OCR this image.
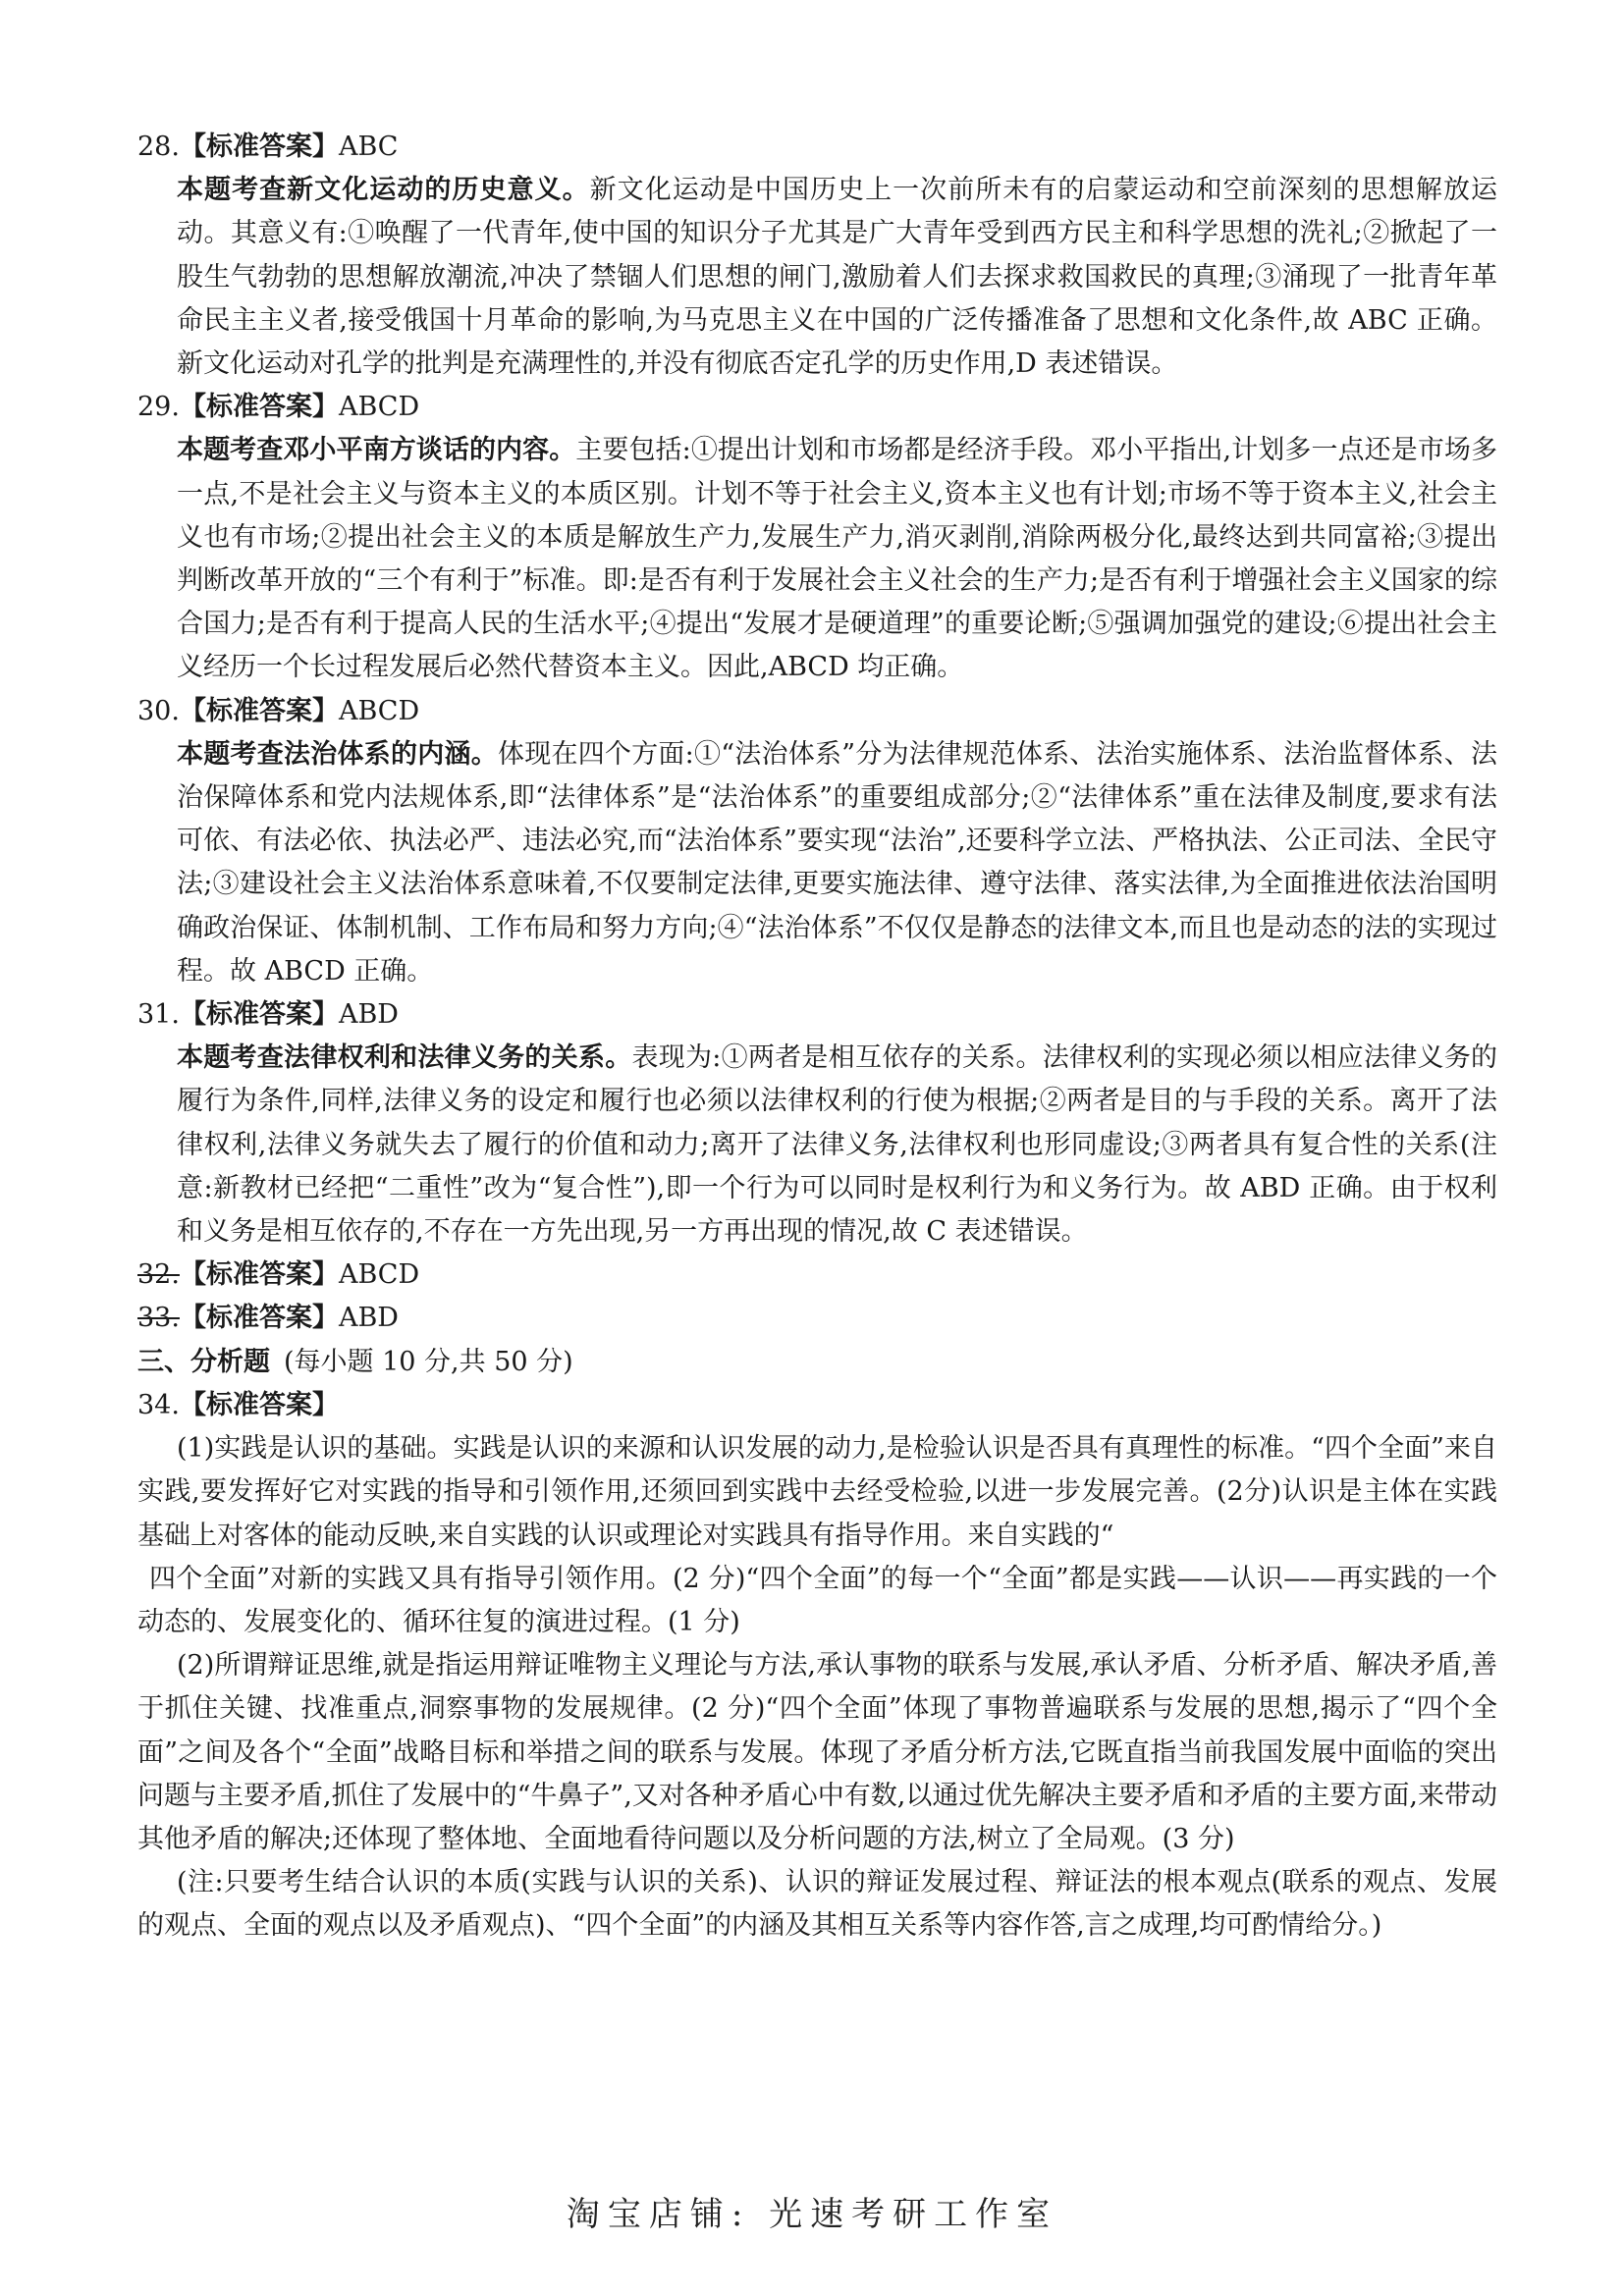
28.【标准答案】ABC

本题考查新文化运动的历史意义。新文化运动是中国历史上一次前所未有的启蒙运动和空前深刻的思想解放运动。其意义有:①唤醒了一代青年,使中国的知识分子尤其是广大青年受到西方民主和科学思想的洗礼;②掀起了一股生气勃勃的思想解放潮流,冲决了禁锢人们思想的闸门,激励着人们去探求救国救民的真理;③涌现了一批青年革命民主主义者,接受俄国十月革命的影响,为马克思主义在中国的广泛传播准备了思想和文化条件,故 ABC 正确。新文化运动对孔学的批判是充满理性的,并没有彻底否定孔学的历史作用,D 表述错误。

29.【标准答案】ABCD

本题考查邓小平南方谈话的内容。主要包括:①提出计划和市场都是经济手段。邓小平指出,计划多一点还是市场多一点,不是社会主义与资本主义的本质区别。计划不等于社会主义,资本主义也有计划;市场不等于资本主义,社会主义也有市场;②提出社会主义的本质是解放生产力,发展生产力,消灭剥削,消除两极分化,最终达到共同富裕;③提出判断改革开放的“三个有利于”标准。即:是否有利于发展社会主义社会的生产力;是否有利于增强社会主义国家的综合国力;是否有利于提高人民的生活水平;④提出“发展才是硬道理”的重要论断;⑤强调加强党的建设;⑥提出社会主义经历一个长过程发展后必然代替资本主义。因此,ABCD 均正确。

30.【标准答案】ABCD

本题考查法治体系的内涵。体现在四个方面:①“法治体系”分为法律规范体系、法治实施体系、法治监督体系、法治保障体系和党内法规体系,即“法律体系”是“法治体系”的重要组成部分;②“法律体系”重在法律及制度,要求有法可依、有法必依、执法必严、违法必究,而“法治体系”要实现“法治”,还要科学立法、严格执法、公正司法、全民守法;③建设社会主义法治体系意味着,不仅要制定法律,更要实施法律、遵守法律、落实法律,为全面推进依法治国明确政治保证、体制机制、工作布局和努力方向;④“法治体系”不仅仅是静态的法律文本,而且也是动态的法的实现过程。故 ABCD 正确。

31.【标准答案】ABD

本题考查法律权利和法律义务的关系。表现为:①两者是相互依存的关系。法律权利的实现必须以相应法律义务的履行为条件,同样,法律义务的设定和履行也必须以法律权利的行使为根据;②两者是目的与手段的关系。离开了法律权利,法律义务就失去了履行的价值和动力;离开了法律义务,法律权利也形同虚设;③两者具有复合性的关系(注意:新教材已经把“二重性”改为“复合性”),即一个行为可以同时是权利行为和义务行为。故 ABD 正确。由于权利和义务是相互依存的,不存在一方先出现,另一方再出现的情况,故 C 表述错误。

32.【标准答案】ABCD

33.【标准答案】ABD

三、分析题 (每小题 10 分,共 50 分)

34.【标准答案】

(1)实践是认识的基础。实践是认识的来源和认识发展的动力,是检验认识是否具有真理性的标准。“四个全面”来自实践,要发挥好它对实践的指导和引领作用,还须回到实践中去经受检验,以进一步发展完善。(2分)认识是主体在实践基础上对客体的能动反映,来自实践的认识或理论对实践具有指导作用。来自实践的“

四个全面”对新的实践又具有指导引领作用。(2 分)“四个全面”的每一个“全面”都是实践——认识——再实践的一个动态的、发展变化的、循环往复的演进过程。(1 分)

(2)所谓辩证思维,就是指运用辩证唯物主义理论与方法,承认事物的联系与发展,承认矛盾、分析矛盾、解决矛盾,善于抓住关键、找准重点,洞察事物的发展规律。(2 分)“四个全面”体现了事物普遍联系与发展的思想,揭示了“四个全面”之间及各个“全面”战略目标和举措之间的联系与发展。体现了矛盾分析方法,它既直指当前我国发展中面临的突出问题与主要矛盾,抓住了发展中的“牛鼻子”,又对各种矛盾心中有数,以通过优先解决主要矛盾和矛盾的主要方面,来带动其他矛盾的解决;还体现了整体地、全面地看待问题以及分析问题的方法,树立了全局观。(3 分)

(注:只要考生结合认识的本质(实践与认识的关系)、认识的辩证发展过程、辩证法的根本观点(联系的观点、发展的观点、全面的观点以及矛盾观点)、“四个全面”的内涵及其相互关系等内容作答,言之成理,均可酌情给分。)

淘宝店铺: 光速考研工作室
